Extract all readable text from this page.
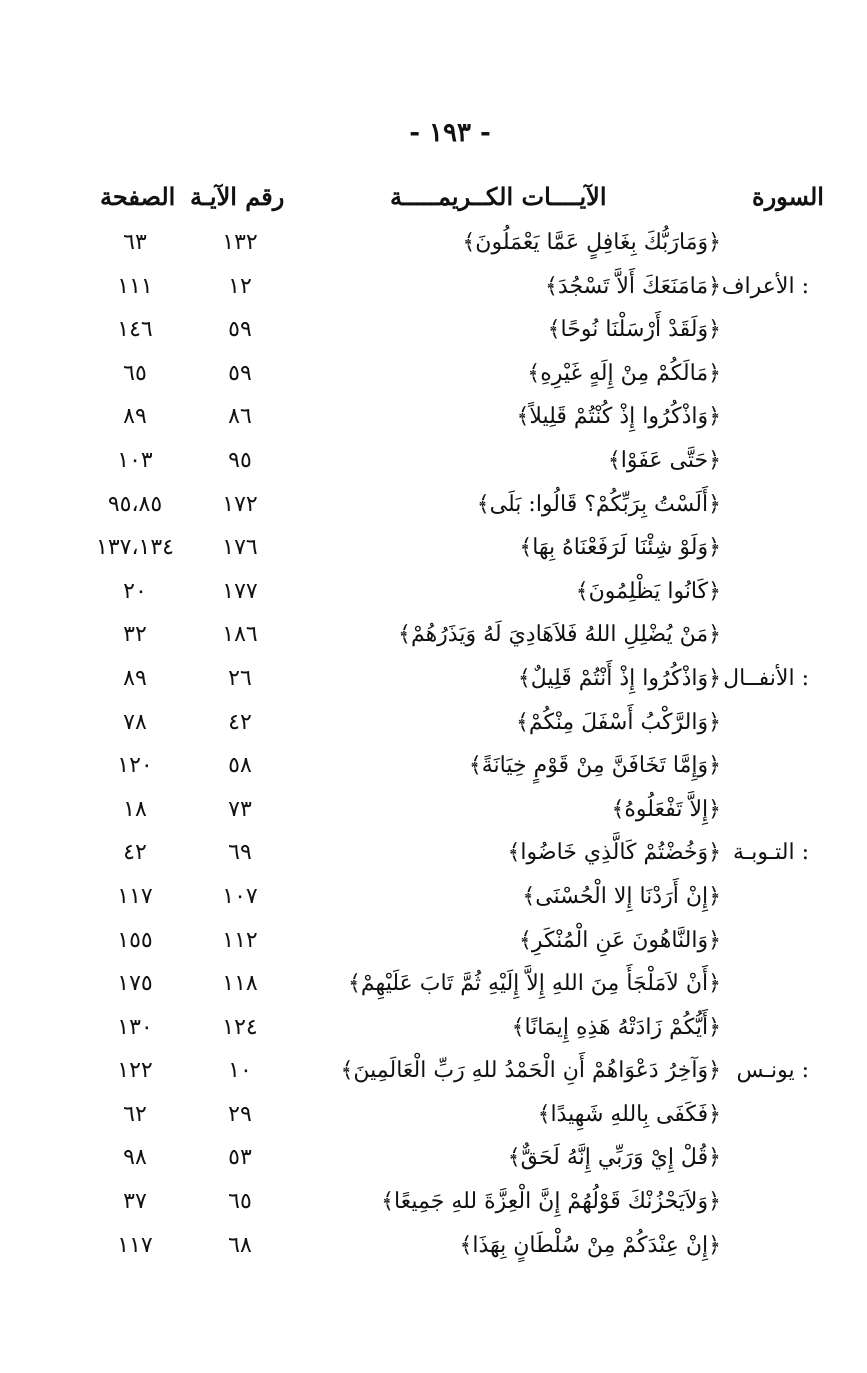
- ١٩٣ -
السورة
الآيــــات الكــريمـــــة
رقم الآيـة
الصفحة
﴿وَمَارَبُّكَ بِغَافِلٍ عَمَّا يَعْمَلُونَ﴾
١٣٢
٦٣
الأعراف :
﴿مَامَنَعَكَ أَلاَّ تَسْجُدَ﴾
١٢
١١١
﴿وَلَقَدْ أَرْسَلْنَا نُوحًا﴾
٥٩
١٤٦
﴿مَالَكُمْ مِنْ إِلَهٍ غَيْرِهِ﴾
٥٩
٦٥
﴿وَاذْكُرُوا إِذْ كُنْتُمْ قَلِيلاً﴾
٨٦
٨٩
﴿حَتَّى عَفَوْا﴾
٩٥
١٠٣
﴿أَلَسْتُ بِرَبِّكُمْ؟ قَالُوا: بَلَى﴾
١٧٢
٩٥،٨٥
﴿وَلَوْ شِئْنَا لَرَفَعْنَاهُ بِهَا﴾
١٧٦
١٣٧،١٣٤
﴿كَانُوا يَظْلِمُونَ﴾
١٧٧
٢٠
﴿مَنْ يُضْلِلِ اللهُ فَلاَهَادِيَ لَهُ وَيَذَرُهُمْ﴾
١٨٦
٣٢
الأنفــال :
﴿وَاذْكُرُوا إِذْ أَنْتُمْ قَلِيلٌ﴾
٢٦
٨٩
﴿وَالرَّكْبُ أَسْفَلَ مِنْكُمْ﴾
٤٢
٧٨
﴿وَإِمَّا تَخَافَنَّ مِنْ قَوْمٍ خِيَانَةً﴾
٥٨
١٢٠
﴿إِلاَّ تَفْعَلُوهُ﴾
٧٣
١٨
التـوبـة :
﴿وَخُضْتُمْ كَالَّذِي خَاضُوا﴾
٦٩
٤٢
﴿إِنْ أَرَدْنَا إِلا الْحُسْنَى﴾
١٠٧
١١٧
﴿وَالنَّاهُونَ عَنِ الْمُنْكَرِ﴾
١١٢
١٥٥
﴿أَنْ لاَمَلْجَأَ مِنَ اللهِ إِلاَّ إِلَيْهِ ثُمَّ تَابَ عَلَيْهِمْ﴾
١١٨
١٧٥
﴿أَيُّكُمْ زَادَتْهُ هَذِهِ إِيمَانًا﴾
١٢٤
١٣٠
يونـس :
﴿وَآخِرُ دَعْوَاهُمْ أَنِ الْحَمْدُ للهِ رَبِّ الْعَالَمِينَ﴾
١٠
١٢٢
﴿فَكَفَى بِاللهِ شَهِيدًا﴾
٢٩
٦٢
﴿قُلْ إِيْ وَرَبِّي إِنَّهُ لَحَقٌّ﴾
٥٣
٩٨
﴿وَلاَيَحْزُنْكَ قَوْلُهُمْ إِنَّ الْعِزَّةَ للهِ جَمِيعًا﴾
٦٥
٣٧
﴿إِنْ عِنْدَكُمْ مِنْ سُلْطَانٍ بِهَذَا﴾
٦٨
١١٧
